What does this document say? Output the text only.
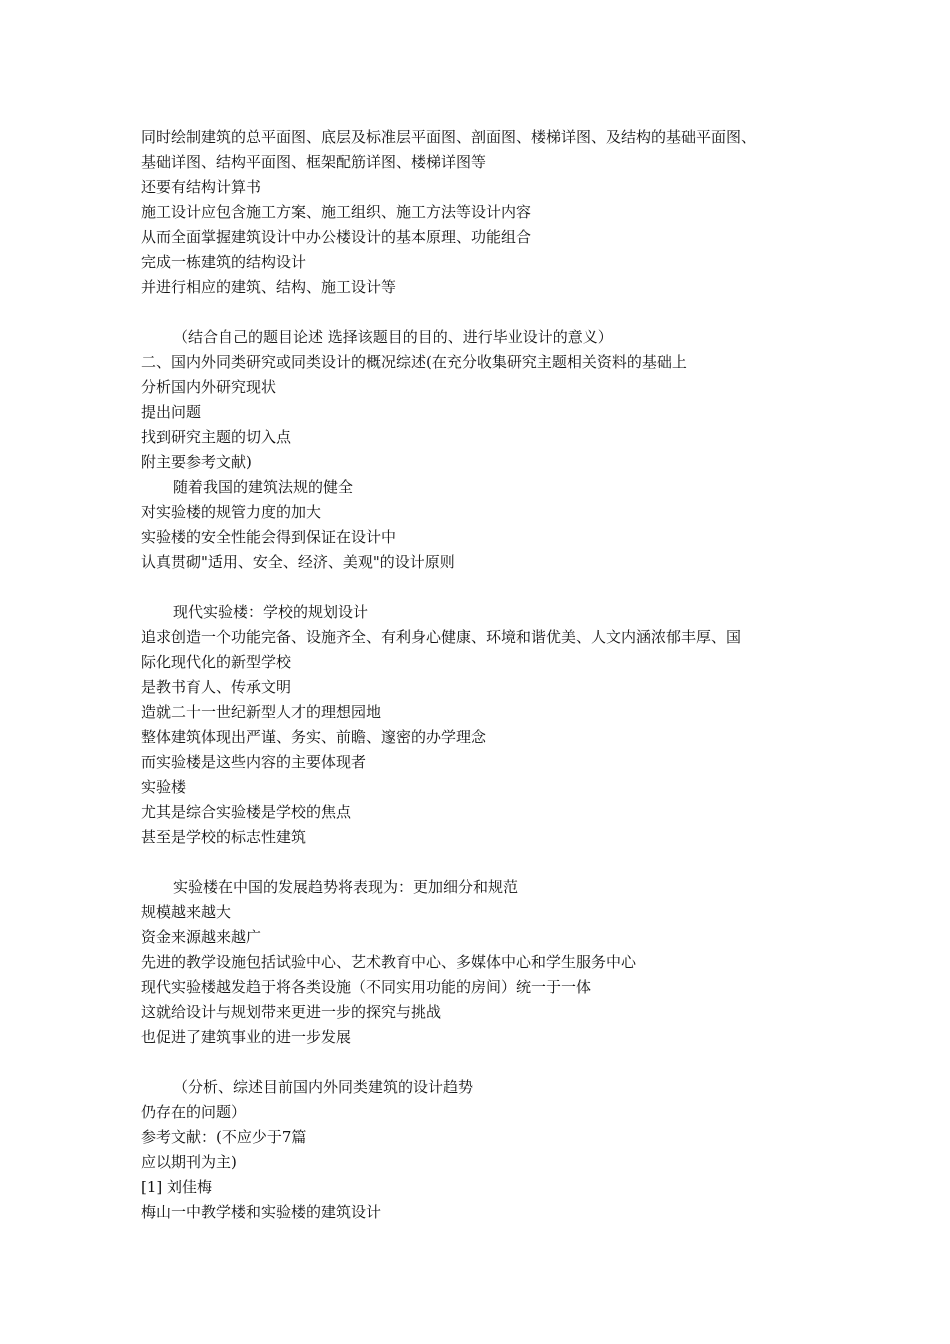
同时绘制建筑的总平面图、底层及标准层平面图、剖面图、楼梯详图、及结构的基础平面图、
基础详图、结构平面图、框架配筋详图、楼梯详图等
还要有结构计算书
施工设计应包含施工方案、施工组织、施工方法等设计内容
从而全面掌握建筑设计中办公楼设计的基本原理、功能组合
完成一栋建筑的结构设计
并进行相应的建筑、结构、施工设计等
（结合自己的题目论述 选择该题目的目的、进行毕业设计的意义）
二、国内外同类研究或同类设计的概况综述(在充分收集研究主题相关资料的基础上
分析国内外研究现状
提出问题
找到研究主题的切入点
附主要参考文献)
随着我国的建筑法规的健全
对实验楼的规管力度的加大
实验楼的安全性能会得到保证在设计中
认真贯砌"适用、安全、经济、美观"的设计原则
现代实验楼：学校的规划设计
追求创造一个功能完备、设施齐全、有利身心健康、环境和谐优美、人文内涵浓郁丰厚、国
际化现代化的新型学校
是教书育人、传承文明
造就二十一世纪新型人才的理想园地
整体建筑体现出严谨、务实、前瞻、邃密的办学理念
而实验楼是这些内容的主要体现者
实验楼
尤其是综合实验楼是学校的焦点
甚至是学校的标志性建筑
实验楼在中国的发展趋势将表现为：更加细分和规范
规模越来越大
资金来源越来越广
先进的教学设施包括试验中心、艺术教育中心、多媒体中心和学生服务中心
现代实验楼越发趋于将各类设施（不同实用功能的房间）统一于一体
这就给设计与规划带来更进一步的探究与挑战
也促进了建筑事业的进一步发展
（分析、综述目前国内外同类建筑的设计趋势
仍存在的问题）
参考文献：(不应少于7篇
应以期刊为主)
[1] 刘佳梅
梅山一中教学楼和实验楼的建筑设计
